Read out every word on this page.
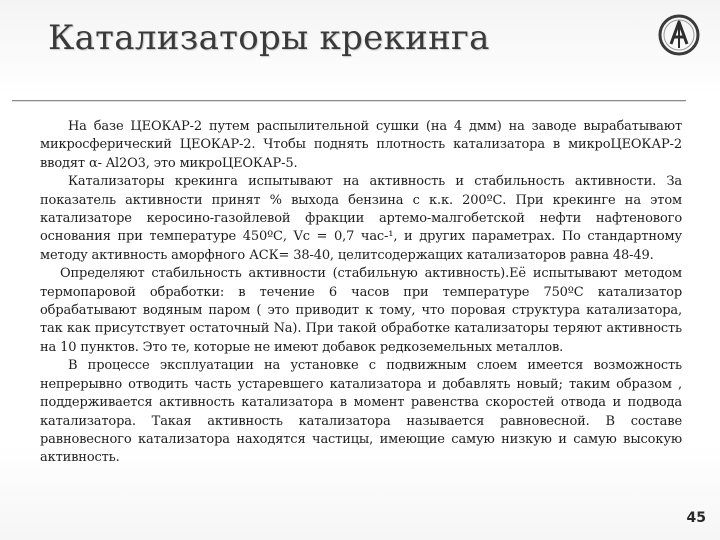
Катализаторы крекинга

На базе ЦЕОКАР-2 путем распылительной сушки (на 4 дмм) на заводе вырабатывают микросферический ЦЕОКАР-2. Чтобы поднять плотность катализатора в микроЦЕОКАР-2 вводят α- Al2O3, это микроЦЕОКАР-5.

Катализаторы крекинга испытывают на активность и стабильность активности. За показатель активности принят % выхода бензина с к.к. 200ºС. При крекинге на этом катализаторе керосино-газойлевой фракции артемо-малгобетской нефти нафтенового основания при температуре 450ºС, Vc = 0,7 час-¹, и других параметрах. По стандартному методу активность аморфного АСК= 38-40, целитсодержащих катализаторов равна 48-49.

Определяют стабильность активности (стабильную активность).Её испытывают методом термопаровой обработки: в течение 6 часов при температуре 750ºС катализатор обрабатывают водяным паром ( это приводит к тому, что поровая структура катализатора, так как присутствует остаточный Na). При такой обработке катализаторы теряют активность на 10 пунктов. Это те, которые не имеют добавок редкоземельных металлов.

В процессе эксплуатации на установке с подвижным слоем имеется возможность непрерывно отводить часть устаревшего катализатора и добавлять новый; таким образом , поддерживается активность катализатора в момент равенства скоростей отвода и подвода катализатора. Такая активность катализатора называется равновесной. В составе равновесного катализатора находятся частицы, имеющие самую низкую и самую высокую активность.

45
